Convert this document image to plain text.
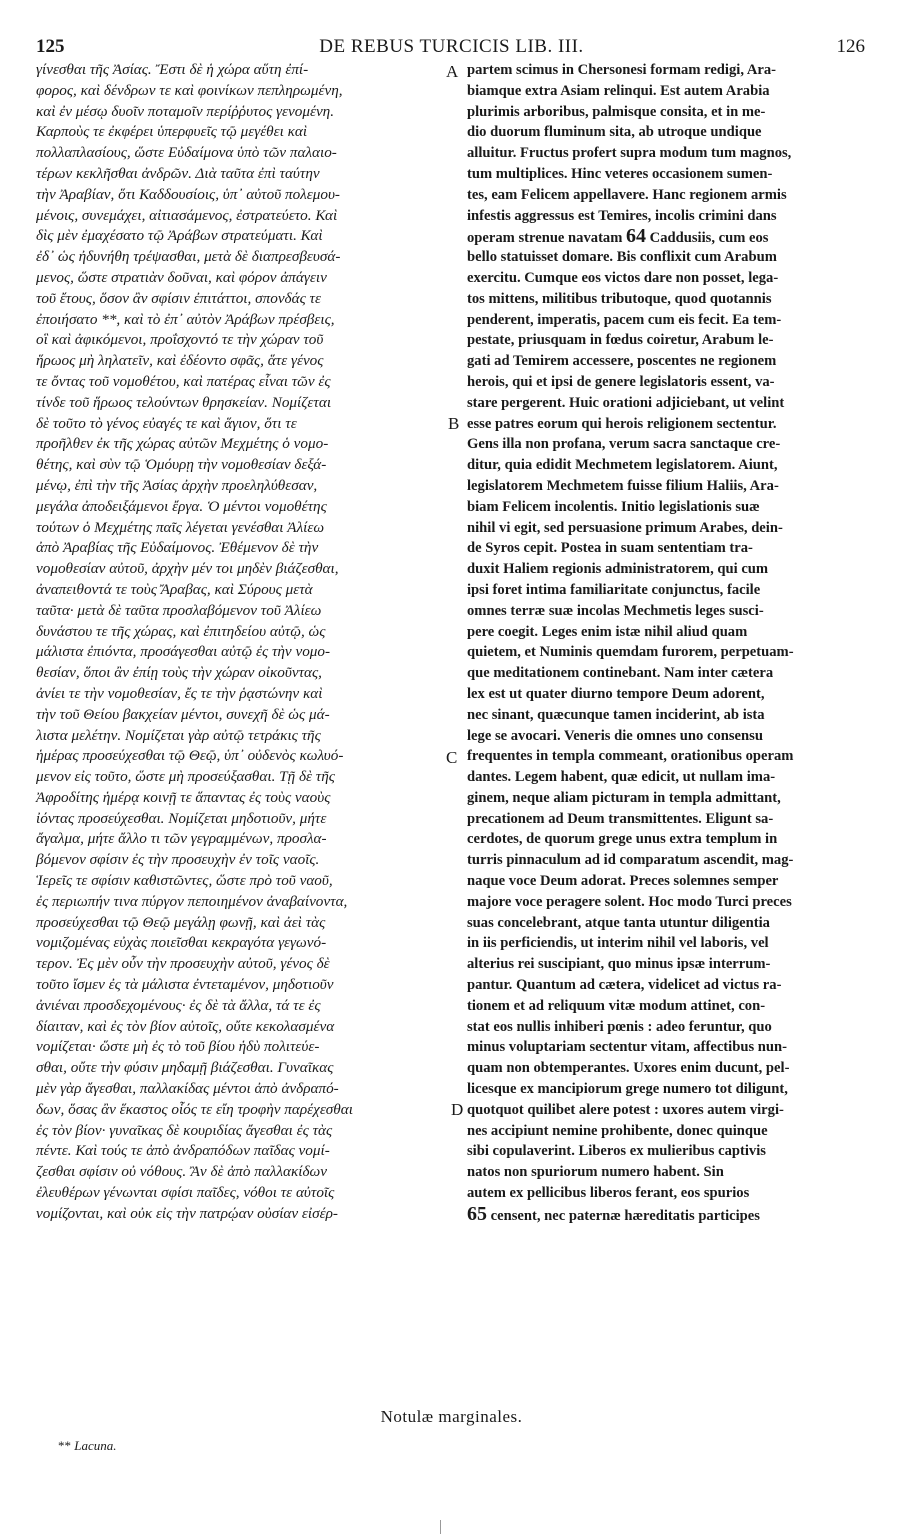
DE REBUS TURCICIS LIB. III.
125	126
γίνεσθαι τῆς Ἀσίας. Ἔστι δὲ ἡ χώρα αὕτη ἐπί-
φορος, καὶ δένδρων τε καὶ φοινίκων πεπληρωμένη,
καὶ ἐν μέσῳ δυοῖν ποταμοῖν περίῤῥυτος γενομένη.
Καρποὺς τε ἐκφέρει ὑπερφυεῖς τῷ μεγέθει καὶ
πολλαπλασίους, ὥστε Εὐδαίμονα ὑπὸ τῶν παλαιο-
τέρων κεκλῆσθαι ἀνδρῶν. Διὰ ταῦτα ἐπὶ ταύτην
τὴν Ἀραβίαν, ὅτι Καδδουσίοις, ὑπ᾽ αὐτοῦ πολεμου-
μένοις, συνεμάχει, αἰτιασάμενος, ἐστρατεύετο. Καὶ
δὶς μὲν ἐμαχέσατο τῷ Ἀράβων στρατεύματι. Καὶ
ἐδ᾽ ὡς ἠδυνήθη τρέψασθαι, μετὰ δὲ διαπρεσβευσά-
μενος, ὥστε στρατιὰν δοῦναι, καὶ φόρον ἀπάγειν
τοῦ ἔτους, ὅσον ἂν σφίσιν ἐπιτάττοι, σπονδάς τε
ἐποιήσατο **, καὶ τὸ ἐπ᾽ αὐτὸν Ἀράβων πρέσβεις,
οἳ καὶ ἀφικόμενοι, προΐσχοντό τε τὴν χώραν τοῦ
ἥρωος μὴ ληλατεῖν, καὶ ἐδέοντο σφᾶς, ἅτε γένος
τε ὄντας τοῦ νομοθέτου, καὶ πατέρας εἶναι τῶν ἐς
τίνδε τοῦ ἥρωος τελούντων θρησκείαν. Νομίζεται
δὲ τοῦτο τὸ γένος εὐαγές τε καὶ ἅγιον, ὅτι τε
προῆλθεν ἐκ τῆς χώρας αὐτῶν Μεχμέτης ὁ νομο-
θέτης, καὶ σὺν τῷ Ὁμόυρῃ τὴν νομοθεσίαν δεξά-
μένῳ, ἐπὶ τὴν τῆς Ἀσίας ἀρχὴν προεληλύθεσαν,
μεγάλα ἀποδειξάμενοι ἔργα. Ὁ μέντοι νομοθέτης
τούτων ὁ Μεχμέτης παῖς λέγεται γενέσθαι Ἀλίεω
ἀπὸ Ἀραβίας τῆς Εὐδαίμονος. Ἐθέμενον δὲ τὴν
νομοθεσίαν αὐτοῦ, ἀρχὴν μέν τοι μηδὲν βιάζεσθαι,
ἀναπειθοντά τε τοὺς Ἄραβας, καὶ Σύρους μετὰ
ταῦτα· μετὰ δὲ ταῦτα προσλαβόμενον τοῦ Ἀλίεω
δυνάστου τε τῆς χώρας, καὶ ἐπιτηδείου αὐτῷ, ὡς
μάλιστα ἐπιόντα, προσάγεσθαι αὐτῷ ἐς τὴν νομο-
θεσίαν, ὅποι ἂν ἐπίῃ τοὺς τὴν χώραν οἰκοῦντας,
ἀνίει τε τὴν νομοθεσίαν, ἔς τε τὴν ῥᾳστώνην καὶ
τὴν τοῦ Θείου βακχείαν μέντοι, συνεχῆ δὲ ὡς μά-
λιστα μελέτην. Νομίζεται γὰρ αὐτῷ τετράκις τῆς
ἡμέρας προσεύχεσθαι τῷ Θεῷ, ὑπ᾽ οὐδενὸς κωλυό-
μενον εἰς τοῦτο, ὥστε μὴ προσεύξασθαι. Τῇ δὲ τῆς
Ἀφροδίτης ἡμέρᾳ κοινῇ τε ἅπαντας ἐς τοὺς ναοὺς
ἰόντας προσεύχεσθαι. Νομίζεται μηδοτιοῦν, μήτε
ἄγαλμα, μήτε ἄλλο τι τῶν γεγραμμένων, προσλα-
βόμενον σφίσιν ἐς τὴν προσευχὴν ἐν τοῖς ναοῖς.
Ἱερεῖς τε σφίσιν καθιστῶντες, ὥστε πρὸ τοῦ ναοῦ,
ἐς περιωπήν τινα πύργον πεποιημένον ἀναβαίνοντα,
προσεύχεσθαι τῷ Θεῷ μεγάλῃ φωνῇ, καὶ ἀεὶ τὰς
νομιζομένας εὐχὰς ποιεῖσθαι κεκραγότα γεγωνό-
τερον. Ἐς μὲν οὖν τὴν προσευχὴν αὐτοῦ, γένος δὲ
τοῦτο ἴσμεν ἐς τὰ μάλιστα ἐντεταμένον, μηδοτιοῦν
ἀνιέναι προσδεχομένους· ἐς δὲ τὰ ἄλλα, τά τε ἐς
δίαιταν, καὶ ἐς τὸν βίον αὐτοῖς, οὔτε κεκολασμένα
νομίζεται· ὥστε μὴ ἐς τὸ τοῦ βίου ἡδὺ πολιτεύε-
σθαι, οὔτε τὴν φύσιν μηδαμῇ βιάζεσθαι. Γυναῖκας
μὲν γὰρ ἄγεσθαι, παλλακίδας μέντοι ἀπὸ ἀνδραπό-
δων, ὅσας ἂν ἕκαστος οἷός τε εἴη τροφὴν παρέχεσθαι
ἐς τὸν βίον· γυναῖκας δὲ κουριδίας ἄγεσθαι ἐς τὰς
πέντε. Καὶ τούς τε ἀπὸ ἀνδραπόδων παῖδας νομί-
ζεσθαι σφίσιν οὐ νόθους. Ἂν δὲ ἀπὸ παλλακίδων
ἐλευθέρων γένωνται σφίσι παῖδες, νόθοι τε αὐτοῖς
νομίζονται, καὶ οὐκ εἰς τὴν πατρῴαν οὐσίαν εἰσέρ-
partem scimus in Chersonesi formam redigi, Ara-
biamque extra Asiam relinqui. Est autem Arabia
plurimis arboribus, palmisque consita, et in me-
dio duorum fluminum sita, ab utroque undique
alluitur. Fructus profert supra modum tum magnos,
tum multiplices. Hinc veteres occasionem sumen-
tes, eam Felicem appellavere. Hanc regionem armis
infestis aggressus est Temires, incolis crimini dans
operam strenue navatam 64 Caddusiis, cum eos
bello statuisset domare. Bis conflixit cum Arabum
exercitu. Cumque eos victos dare non posset, lega-
tos mittens, militibus tributoque, quod quotannis
penderent, imperatis, pacem cum eis fecit. Ea tem-
pestate, priusquam in fœdus coiretur, Arabum le-
gati ad Temirem accessere, poscentes ne regionem
herois, qui et ipsi de genere legislatoris essent, va-
stare pergerent. Huic orationi adjiciebant, ut velint
esse patres eorum qui herois religionem sectentur.
Gens illa non profana, verum sacra sanctaque cre-
ditur, quia edidit Mechmetem legislatorem. Aiunt,
legislatorem Mechmetem fuisse filium Haliis, Ara-
biam Felicem incolentis. Initio legislationis suæ
nihil vi egit, sed persuasione primum Arabes, dein-
de Syros cepit. Postea in suam sententiam tra-
duxit Haliem regionis administratorem, qui cum
ipsi foret intima familiaritate conjunctus, facile
omnes terræ suæ incolas Mechmetis leges susci-
pere coegit. Leges enim istæ nihil aliud quam
quietem, et Numinis quemdam furorem, perpetuam-
que meditationem continebant. Nam inter cætera
lex est ut quater diurno tempore Deum adorent,
nec sinant, quæcunque tamen inciderint, ab ista
lege se avocari. Veneris die omnes uno consensu
frequentes in templa commeant, orationibus operam
dantes. Legem habent, quæ edicit, ut nullam ima-
ginem, neque aliam picturam in templa admittant,
precationem ad Deum transmittentes. Eligunt sa-
cerdotes, de quorum grege unus extra templum in
turris pinnaculum ad id comparatum ascendit, mag-
naque voce Deum adorat. Preces solemnes semper
majore voce peragere solent. Hoc modo Turci preces
suas concelebrant, atque tanta utuntur diligentia
in iis perficiendis, ut interim nihil vel laboris, vel
alterius rei suscipiant, quo minus ipsæ interrum-
pantur. Quantum ad cætera, videlicet ad victus ra-
tionem et ad reliquum vitæ modum attinet, con-
stat eos nullis inhiberi pœnis : adeo feruntur, quo
minus voluptariam sectentur vitam, affectibus nun-
quam non obtemperantes. Uxores enim ducunt, pel-
licesque ex mancipiorum grege numero tot diligunt,
quotquot quilibet alere potest : uxores autem virgi-
nes accipiunt nemine prohibente, donec quinque
sibi copulaverint. Liberos ex mulieribus captivis
natos non spuriorum numero habent. Sin
autem ex pellicibus liberos ferant, eos spurios
65 censent, nec paternæ hæreditatis participes
A
B
C
D
Notulæ marginales.
** Lacuna.
